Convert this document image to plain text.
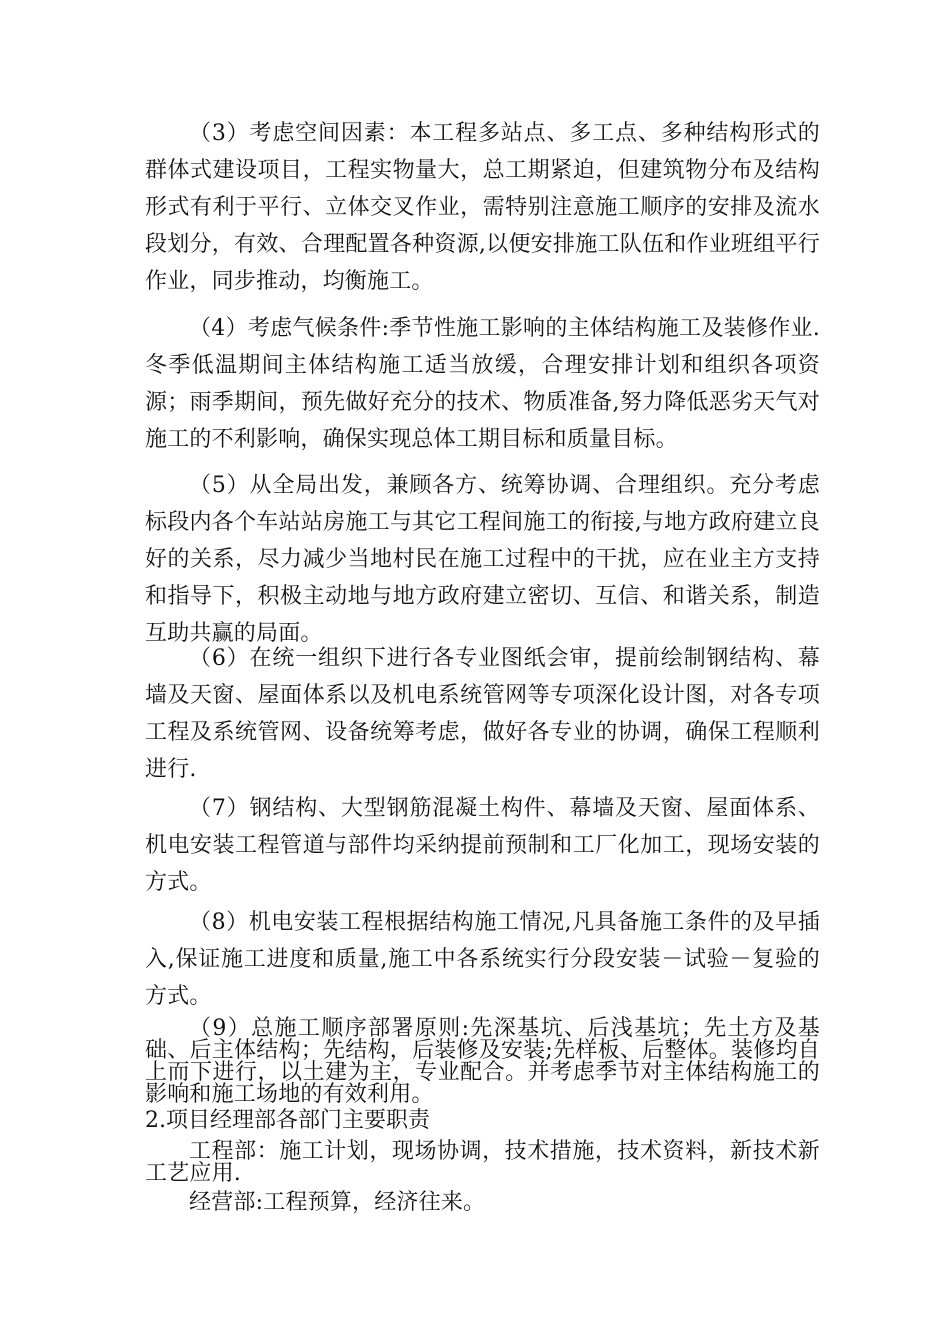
（3）考虑空间因素：本工程多站点、多工点、多种结构形式的群体式建设项目，工程实物量大，总工期紧迫，但建筑物分布及结构形式有利于平行、立体交叉作业，需特别注意施工顺序的安排及流水段划分，有效、合理配置各种资源,以便安排施工队伍和作业班组平行作业，同步推动，均衡施工。

（4）考虑气候条件:季节性施工影响的主体结构施工及装修作业.冬季低温期间主体结构施工适当放缓，合理安排计划和组织各项资源；雨季期间，预先做好充分的技术、物质准备,努力降低恶劣天气对施工的不利影响，确保实现总体工期目标和质量目标。

（5）从全局出发，兼顾各方、统筹协调、合理组织。充分考虑标段内各个车站站房施工与其它工程间施工的衔接,与地方政府建立良好的关系，尽力减少当地村民在施工过程中的干扰，应在业主方支持和指导下，积极主动地与地方政府建立密切、互信、和谐关系，制造互助共赢的局面。

（6）在统一组织下进行各专业图纸会审，提前绘制钢结构、幕墙及天窗、屋面体系以及机电系统管网等专项深化设计图，对各专项工程及系统管网、设备统筹考虑，做好各专业的协调，确保工程顺利进行.

（7）钢结构、大型钢筋混凝土构件、幕墙及天窗、屋面体系、机电安装工程管道与部件均采纳提前预制和工厂化加工，现场安装的方式。

（8）机电安装工程根据结构施工情况,凡具备施工条件的及早插入,保证施工进度和质量,施工中各系统实行分段安装－试验－复验的方式。

（9）总施工顺序部署原则:先深基坑、后浅基坑；先土方及基础、后主体结构；先结构，后装修及安装;先样板、后整体。装修均自上而下进行，以土建为主，专业配合。并考虑季节对主体结构施工的影响和施工场地的有效利用。

2.项目经理部各部门主要职责

工程部：施工计划，现场协调，技术措施，技术资料，新技术新工艺应用.

经营部:工程预算，经济往来。
